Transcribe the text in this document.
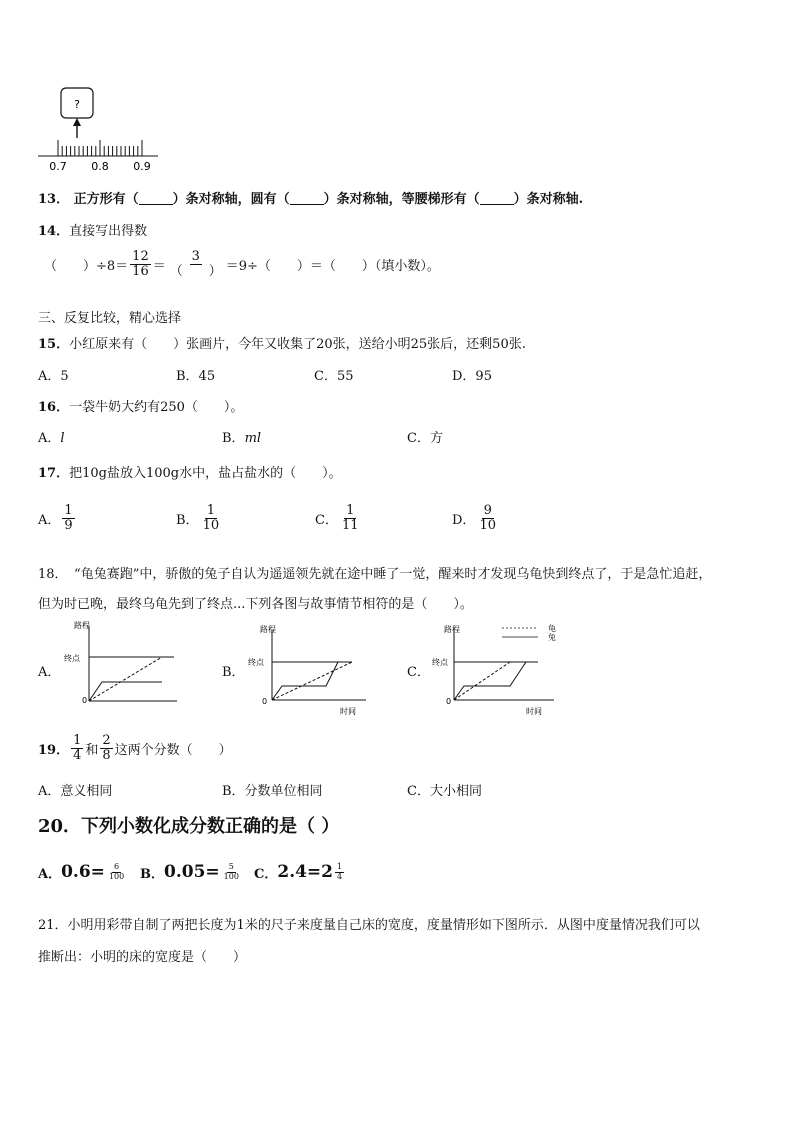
?
0.7 0.8 0.9
13． 正方形有（	）条对称轴，圆有（	）条对称轴，等腰梯形有（	）条对称轴.
14．直接写出得数
（　　）$\div 8= \frac{12}{16} = \frac{3}{( )} =9\div$（　　）＝（　　）（填小数）。
三、反复比较，精心选择
15．小红原来有（　　）张画片，今年又收集了20张，送给小明25张后，还剩50张.
A．5	B．45	C．55	D．95
16．一袋牛奶大约有250（　　）。
A．l	B．ml	C．方
17．把10g盐放入100g水中，盐占盐水的（　　）。
A． $\frac{1}{9}$	B． $\frac{1}{10}$	C． $\frac{1}{11}$	D． $\frac{9}{10}$
18．　“龟兔赛跑”中，骄傲的兔子自认为遥遥领先就在途中睡了一觉，醒来时才发现乌龟快到终点了，于是急忙追赶，
但为时已晚，最终乌龟先到了终点...下列各图与故事情节相符的是（　　）。
A．
路程
终点
0
B．
路程
终点
0
时间
C．
路程
终点
0
时间
龟
兔
19． $\frac{1}{4}$ 和 $\frac{2}{8}$ 这两个分数（　　）
A．意义相同	B．分数单位相同	C．大小相同
20．下列小数化成分数正确的是（ ）
A． $0.6= \frac{6}{100}$ B． $0.05= \frac{5}{100}$ C． $2.4=2 \frac{1}{4}$
21．小明用彩带自制了两把长度为1米的尺子来度量自己床的宽度，度量情形如下图所示．从图中度量情况我们可以
推断出：小明的床的宽度是（　　）
